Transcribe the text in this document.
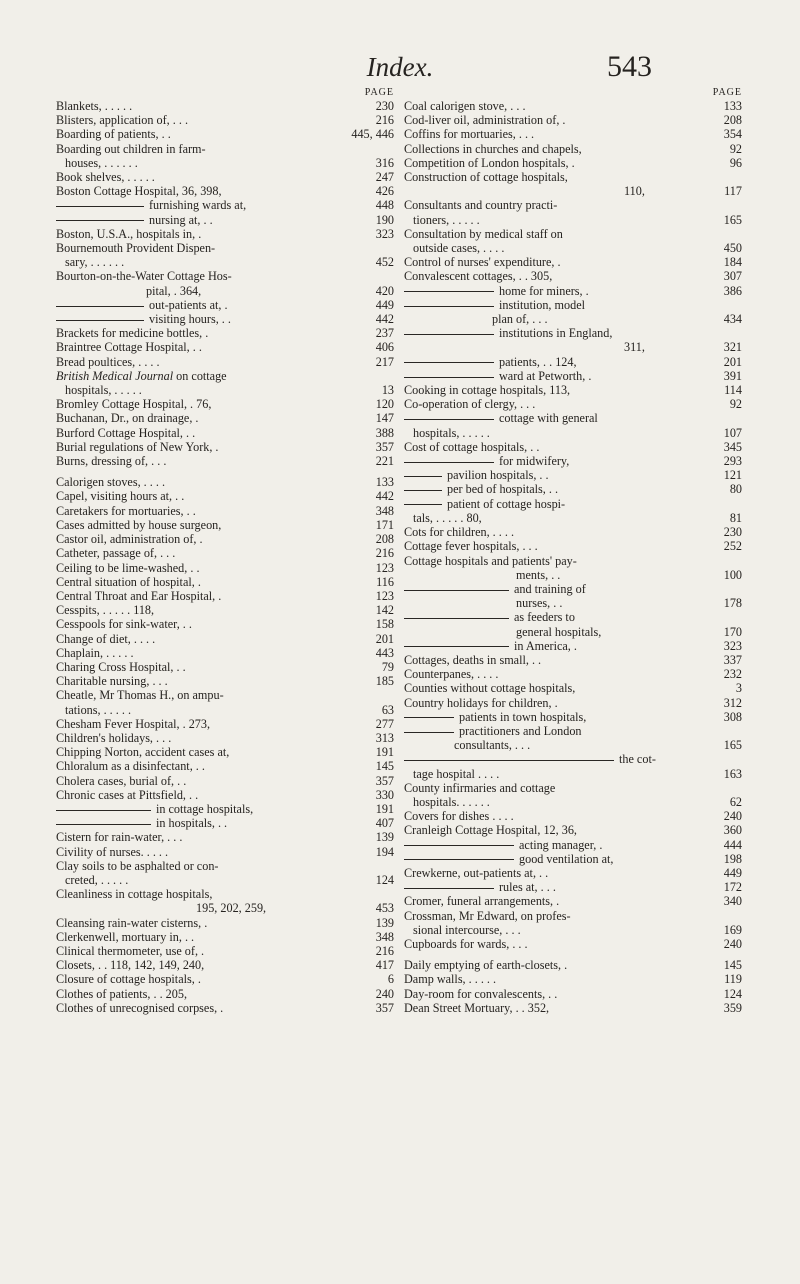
Index.	543
PAGE
Blankets, . . . . .	230
Blisters, application of, . . .	216
Boarding of patients, . .	445, 446
Boarding out children in farm-
houses, . . . . . .	316
Book shelves, . . . . .	247
Boston Cottage Hospital, 36, 398,	426
furnishing wards at,	448
nursing at, . .	190
Boston, U.S.A., hospitals in, .	323
Bournemouth Provident Dispen-
sary, . . . . . .	452
Bourton-on-the-Water Cottage Hos-
pital, . 364,	420
out-patients at, .	449
visiting hours, . .	442
Brackets for medicine bottles, .	237
Braintree Cottage Hospital, . .	406
Bread poultices, . . . .	217
British Medical Journal on cottage
hospitals, . . . . .	13
Bromley Cottage Hospital, . 76,	120
Buchanan, Dr., on drainage, .	147
Burford Cottage Hospital, . .	388
Burial regulations of New York, .	357
Burns, dressing of, . . .	221
Calorigen stoves, . . . .	133
Capel, visiting hours at, . .	442
Caretakers for mortuaries, . .	348
Cases admitted by house surgeon,	171
Castor oil, administration of, .	208
Catheter, passage of, . . .	216
Ceiling to be lime-washed, . .	123
Central situation of hospital, .	116
Central Throat and Ear Hospital, .	123
Cesspits, . . . . . 118,	142
Cesspools for sink-water, . .	158
Change of diet, . . . .	201
Chaplain, . . . . .	443
Charing Cross Hospital, . .	79
Charitable nursing, . . .	185
Cheatle, Mr Thomas H., on ampu-
tations, . . . . .	63
Chesham Fever Hospital, . 273,	277
Children's holidays, . . .	313
Chipping Norton, accident cases at,	191
Chloralum as a disinfectant, . .	145
Cholera cases, burial of, . .	357
Chronic cases at Pittsfield, . .	330
in cottage hospitals,	191
in hospitals, . .	407
Cistern for rain-water, . . .	139
Civility of nurses. . . . .	194
Clay soils to be asphalted or con-
creted, . . . . .	124
Cleanliness in cottage hospitals,
195, 202, 259,	453
Cleansing rain-water cisterns, .	139
Clerkenwell, mortuary in, . .	348
Clinical thermometer, use of, .	216
Closets, . . 118, 142, 149, 240,	417
Closure of cottage hospitals, .	6
Clothes of patients, . . 205,	240
Clothes of unrecognised corpses, .	357
PAGE
Coal calorigen stove, . . .	133
Cod-liver oil, administration of, .	208
Coffins for mortuaries, . . .	354
Collections in churches and chapels,	92
Competition of London hospitals, .	96
Construction of cottage hospitals,
110,	117
Consultants and country practi-
tioners, . . . . .	165
Consultation by medical staff on
outside cases, . . . .	450
Control of nurses' expenditure, .	184
Convalescent cottages, . . 305,	307
home for miners, .	386
institution, model
plan of, . . .	434
institutions in England,
311,	321
patients, . . 124,	201
ward at Petworth, .	391
Cooking in cottage hospitals, 113,	114
Co-operation of clergy, . . .	92
cottage with general
hospitals, . . . . .	107
Cost of cottage hospitals, . .	345
for midwifery,	293
pavilion hospitals, . .	121
per bed of hospitals, . .	80
patient of cottage hospi-
tals, . . . . . 80,	81
Cots for children, . . . .	230
Cottage fever hospitals, . . .	252
Cottage hospitals and patients' pay-
ments, . .	100
and training of
nurses, . .	178
as feeders to
general hospitals,	170
in America, .	323
Cottages, deaths in small, . .	337
Counterpanes, . . . .	232
Counties without cottage hospitals,	3
Country holidays for children, .	312
patients in town hospitals,	308
practitioners and London
consultants, . . .	165
the cot-
tage hospital . . . .	163
County infirmaries and cottage
hospitals. . . . . .	62
Covers for dishes . . . .	240
Cranleigh Cottage Hospital, 12, 36,	360
acting manager, .	444
good ventilation at,	198
Crewkerne, out-patients at, . .	449
rules at, . . .	172
Cromer, funeral arrangements, .	340
Crossman, Mr Edward, on profes-
sional intercourse, . . .	169
Cupboards for wards, . . .	240
Daily emptying of earth-closets, .	145
Damp walls, . . . . .	119
Day-room for convalescents, . .	124
Dean Street Mortuary, . . 352,	359
